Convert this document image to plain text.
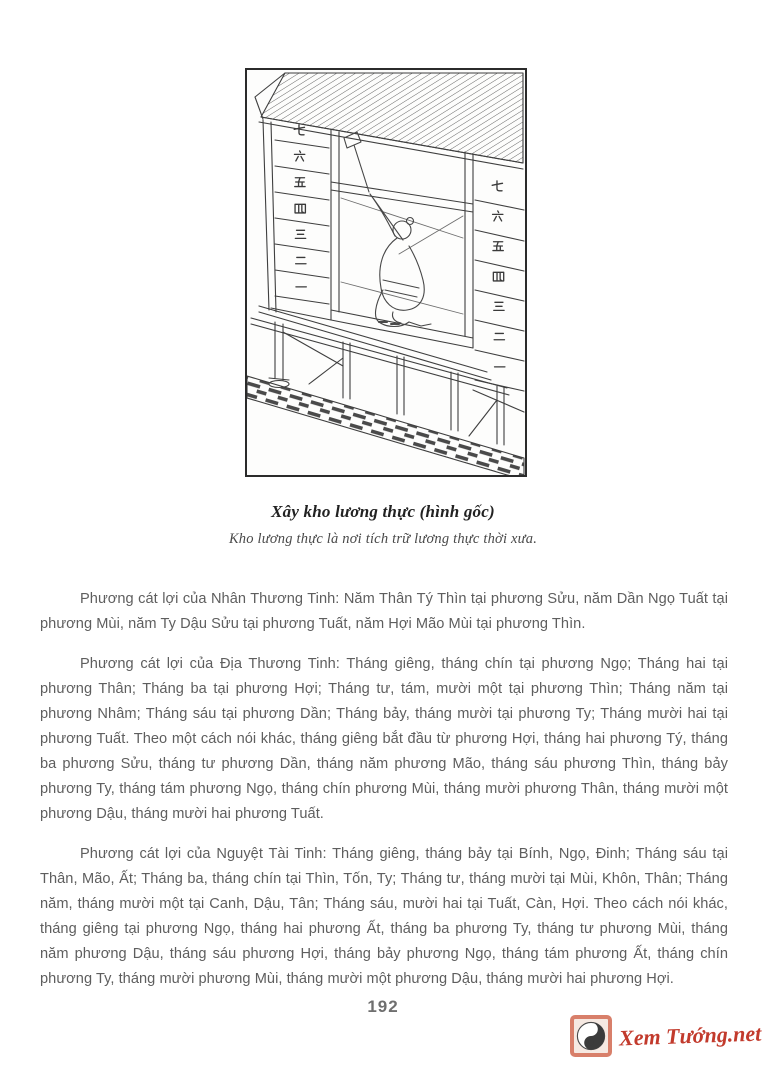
Xây kho lương thực (hình gốc)
Kho lương thực là nơi tích trữ lương thực thời xưa.

Phương cát lợi của Nhân Thương Tinh: Năm Thân Tý Thìn tại phương Sửu, năm Dần Ngọ Tuất tại phương Mùi, năm Ty Dậu Sửu tại phương Tuất, năm Hợi Mão Mùi tại phương Thìn.

Phương cát lợi của Địa Thương Tinh: Tháng giêng, tháng chín tại phương Ngọ; Tháng hai tại phương Thân; Tháng ba tại phương Hợi; Tháng tư, tám, mười một tại phương Thìn; Tháng năm tại phương Nhâm; Tháng sáu tại phương Dần; Tháng bảy, tháng mười tại phương Ty; Tháng mười hai tại phương Tuất. Theo một cách nói khác, tháng giêng bắt đầu từ phương Hợi, tháng hai phương Tý, tháng ba phương Sửu, tháng tư phương Dần, tháng năm phương Mão, tháng sáu phương Thìn, tháng bảy phương Ty, tháng tám phương Ngọ, tháng chín phương Mùi, tháng mười phương Thân, tháng mười một phương Dậu, tháng mười hai phương Tuất.

Phương cát lợi của Nguyệt Tài Tinh: Tháng giêng, tháng bảy tại Bính, Ngọ, Đinh; Tháng sáu tại Thân, Mão, Ất; Tháng ba, tháng chín tại Thìn, Tốn, Ty; Tháng tư, tháng mười tại Mùi, Khôn, Thân; Tháng năm, tháng mười một tại Canh, Dậu, Tân; Tháng sáu, mười hai tại Tuất, Càn, Hợi. Theo cách nói khác, tháng giêng tại phương Ngọ, tháng hai phương Ất, tháng ba phương Ty, tháng tư phương Mùi, tháng năm phương Dậu, tháng sáu phương Hợi, tháng bảy phương Ngọ, tháng tám phương Ất, tháng chín phương Ty, tháng mười phương Mùi, tháng mười một phương Dậu, tháng mười hai phương Hợi.

192
Xem Tướng.net
